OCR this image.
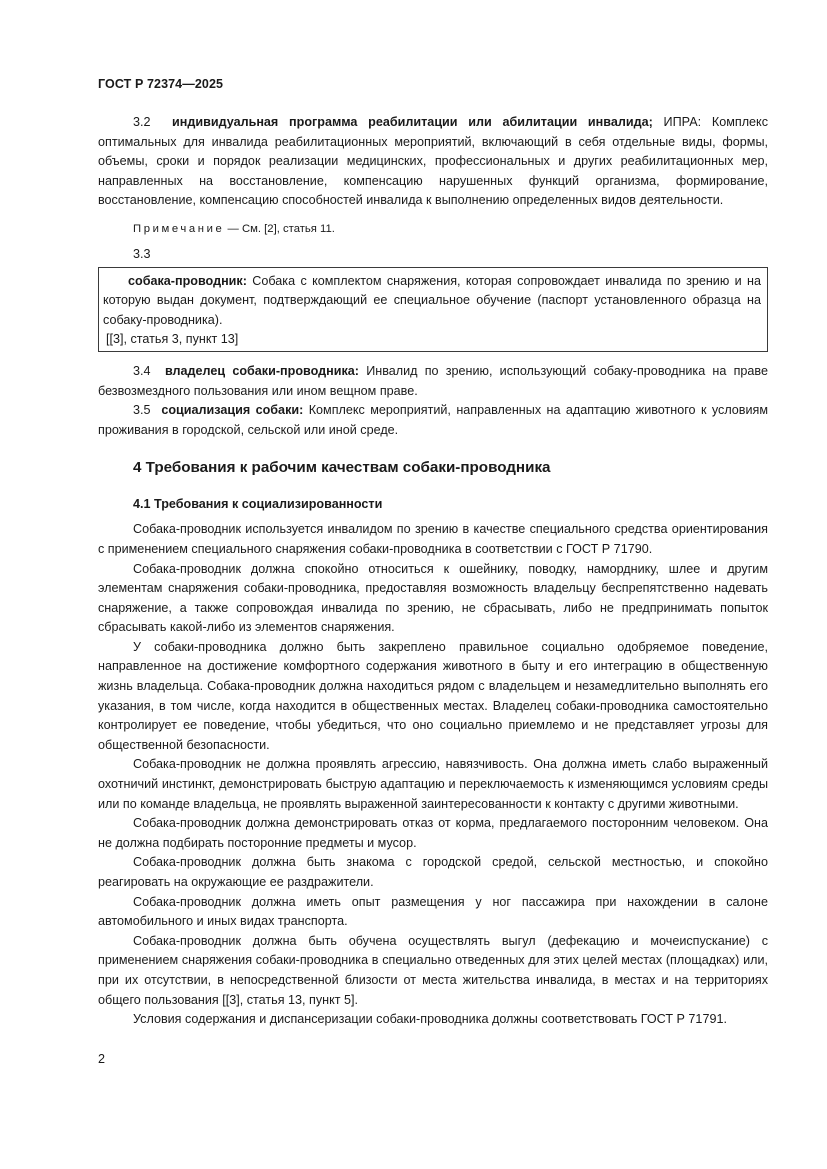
ГОСТ Р 72374—2025

3.2 индивидуальная программа реабилитации или абилитации инвалида; ИПРА: Комплекс оптимальных для инвалида реабилитационных мероприятий, включающий в себя отдельные виды, формы, объемы, сроки и порядок реализации медицинских, профессиональных и других реабилитационных мер, направленных на восстановление, компенсацию нарушенных функций организма, формирование, восстановление, компенсацию способностей инвалида к выполнению определенных видов деятельности.

Примечание — См. [2], статья 11.

3.3

собака-проводник: Собака с комплектом снаряжения, которая сопровождает инвалида по зрению и на которую выдан документ, подтверждающий ее специальное обучение (паспорт установленного образца на собаку-проводника).

[[3], статья 3, пункт 13]

3.4 владелец собаки-проводника: Инвалид по зрению, использующий собаку-проводника на праве безвозмездного пользования или ином вещном праве.

3.5 социализация собаки: Комплекс мероприятий, направленных на адаптацию животного к условиям проживания в городской, сельской или иной среде.

4 Требования к рабочим качествам собаки-проводника
4.1 Требования к социализированности

Собака-проводник используется инвалидом по зрению в качестве специального средства ориентирования с применением специального снаряжения собаки-проводника в соответствии с ГОСТ Р 71790.

Собака-проводник должна спокойно относиться к ошейнику, поводку, наморднику, шлее и другим элементам снаряжения собаки-проводника, предоставляя возможность владельцу беспрепятственно надевать снаряжение, а также сопровождая инвалида по зрению, не сбрасывать, либо не предпринимать попыток сбрасывать какой-либо из элементов снаряжения.

У собаки-проводника должно быть закреплено правильное социально одобряемое поведение, направленное на достижение комфортного содержания животного в быту и его интеграцию в общественную жизнь владельца. Собака-проводник должна находиться рядом с владельцем и незамедлительно выполнять его указания, в том числе, когда находится в общественных местах. Владелец собаки-проводника самостоятельно контролирует ее поведение, чтобы убедиться, что оно социально приемлемо и не представляет угрозы для общественной безопасности.

Собака-проводник не должна проявлять агрессию, навязчивость. Она должна иметь слабо выраженный охотничий инстинкт, демонстрировать быструю адаптацию и переключаемость к изменяющимся условиям среды или по команде владельца, не проявлять выраженной заинтересованности к контакту с другими животными.

Собака-проводник должна демонстрировать отказ от корма, предлагаемого посторонним человеком. Она не должна подбирать посторонние предметы и мусор.

Собака-проводник должна быть знакома с городской средой, сельской местностью, и спокойно реагировать на окружающие ее раздражители.

Собака-проводник должна иметь опыт размещения у ног пассажира при нахождении в салоне автомобильного и иных видах транспорта.

Собака-проводник должна быть обучена осуществлять выгул (дефекацию и мочеиспускание) с применением снаряжения собаки-проводника в специально отведенных для этих целей местах (площадках) или, при их отсутствии, в непосредственной близости от места жительства инвалида, в местах и на территориях общего пользования [[3], статья 13, пункт 5].

Условия содержания и диспансеризации собаки-проводника должны соответствовать ГОСТ Р 71791.

2
